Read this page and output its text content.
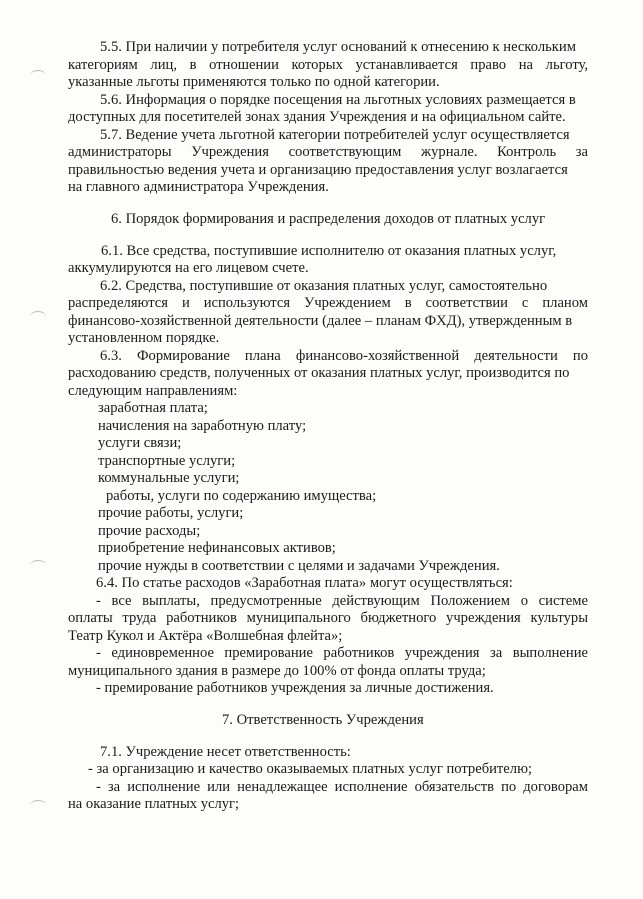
5.5. При наличии у потребителя услуг оснований к отнесению к нескольким
категориям лиц, в отношении которых устанавливается право на льготу,
указанные льготы применяются только по одной категории.
5.6. Информация о порядке посещения на льготных условиях размещается в
доступных для посетителей зонах здания Учреждения и на официальном сайте.
5.7. Ведение учета льготной категории потребителей услуг осуществляется
администраторы Учреждения соответствующим журнале. Контроль за
правильностью ведения учета и организацию предоставления услуг возлагается
на главного администратора Учреждения.
6. Порядок формирования и распределения доходов от платных услуг
6.1. Все средства, поступившие исполнителю от оказания платных услуг,
аккумулируются на его лицевом счете.
6.2. Средства, поступившие от оказания платных услуг, самостоятельно
распределяются и используются Учреждением в соответствии с планом
финансово-хозяйственной деятельности (далее – планам ФХД), утвержденным в
установленном порядке.
6.3. Формирование плана финансово-хозяйственной деятельности по
расходованию средств, полученных от оказания платных услуг, производится по
следующим направлениям:
заработная плата;
начисления на заработную плату;
услуги связи;
транспортные услуги;
коммунальные услуги;
работы, услуги по содержанию имущества;
прочие работы, услуги;
прочие расходы;
приобретение нефинансовых активов;
прочие нужды в соответствии с целями и задачами Учреждения.
6.4. По статье расходов «Заработная плата» могут осуществляться:
- все выплаты, предусмотренные действующим Положением о системе
оплаты труда работников муниципального бюджетного учреждения культуры
Театр Кукол и Актёра «Волшебная флейта»;
- единовременное премирование работников учреждения за выполнение
муниципального здания в размере до 100% от фонда оплаты труда;
- премирование работников учреждения за личные достижения.
7. Ответственность Учреждения
7.1. Учреждение несет ответственность:
- за организацию и качество оказываемых платных услуг потребителю;
- за исполнение или ненадлежащее исполнение обязательств по договорам
на оказание платных услуг;
